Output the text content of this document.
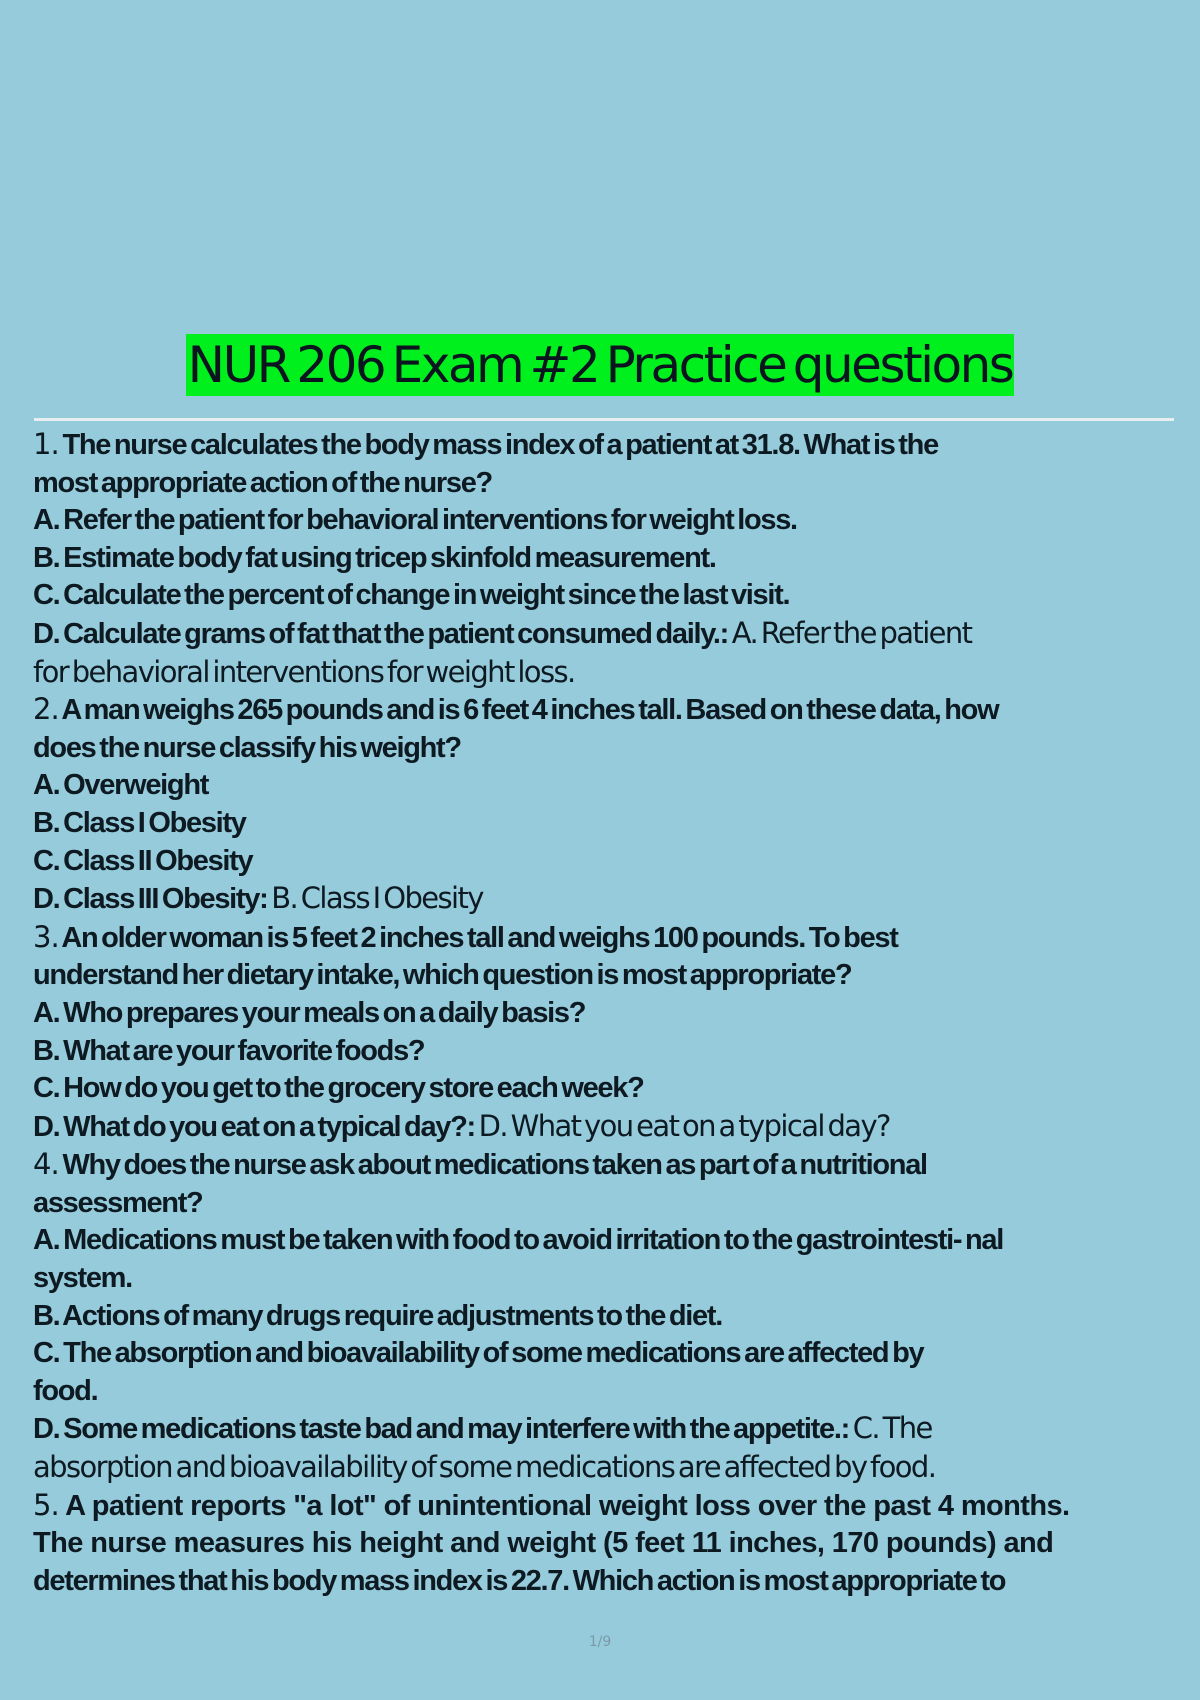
NUR 206 Exam #2 Practice questions
1. The nurse calculates the body mass index of a patient at 31.8. What is the
most appropriate action of the nurse?
A. Refer the patient for behavioral interventions for weight loss.
B. Estimate body fat using tricep skinfold measurement.
C. Calculate the percent of change in weight since the last visit.
D. Calculate grams of fat that the patient consumed daily.: A. Refer the patient
for behavioral interventions for weight loss.
2. A man weighs 265 pounds and is 6 feet 4 inches tall. Based on these data, how
does the nurse classify his weight?
A. Overweight
B. Class I Obesity
C. Class II Obesity
D. Class III Obesity: B. Class I Obesity
3. An older woman is 5 feet 2 inches tall and weighs 100 pounds. To best
understand her dietary intake, which question is most appropriate?
A. Who prepares your meals on a daily basis?
B. What are your favorite foods?
C. How do you get to the grocery store each week?
D. What do you eat on a typical day?: D. What you eat on a typical day?
4. Why does the nurse ask about medications taken as part of a nutritional
assessment?
A. Medications must be taken with food to avoid irritation to the gastrointesti- nal
system.
B. Actions of many drugs require adjustments to the diet.
C. The absorption and bioavailability of some medications are affected by
food.
D. Some medications taste bad and may interfere with the appetite.: C. The
absorption and bioavailability of some medications are affected by food.
5. A patient reports "a lot" of unintentional weight loss over the past 4 months.
The nurse measures his height and weight (5 feet 11 inches, 170 pounds) and
determines that his body mass index is 22.7. Which action is most appropriate to
1/9
